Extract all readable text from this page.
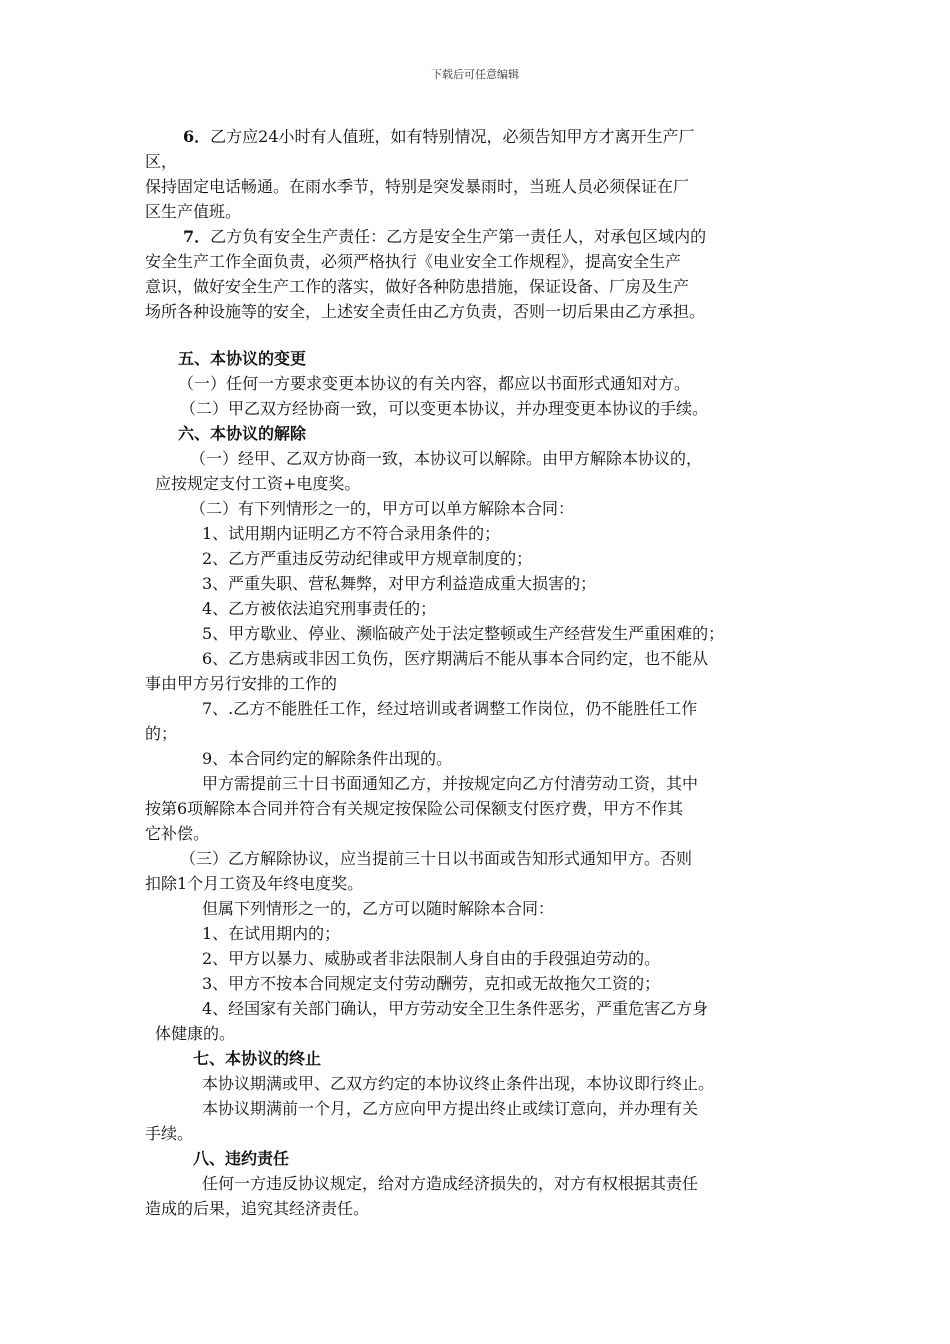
下载后可任意编辑
6．乙方应24小时有人值班，如有特别情况，必须告知甲方才离开生产厂
区，
保持固定电话畅通。在雨水季节，特别是突发暴雨时，当班人员必须保证在厂
区生产值班。
7．乙方负有安全生产责任：乙方是安全生产第一责任人，对承包区域内的
安全生产工作全面负责，必须严格执行《电业安全工作规程》，提高安全生产
意识，做好安全生产工作的落实，做好各种防患措施，保证设备、厂房及生产
场所各种设施等的安全，上述安全责任由乙方负责，否则一切后果由乙方承担。
五、本协议的变更
（一）任何一方要求变更本协议的有关内容，都应以书面形式通知对方。
（二）甲乙双方经协商一致，可以变更本协议，并办理变更本协议的手续。
六、本协议的解除
（一）经甲、乙双方协商一致，本协议可以解除。由甲方解除本协议的，
应按规定支付工资+电度奖。
（二）有下列情形之一的，甲方可以单方解除本合同：
1、试用期内证明乙方不符合录用条件的；
2、乙方严重违反劳动纪律或甲方规章制度的；
3、严重失职、营私舞弊，对甲方利益造成重大损害的；
4、乙方被依法追究刑事责任的；
5、甲方歇业、停业、濒临破产处于法定整顿或生产经营发生严重困难的；
6、乙方患病或非因工负伤，医疗期满后不能从事本合同约定，也不能从
事由甲方另行安排的工作的
7、.乙方不能胜任工作，经过培训或者调整工作岗位，仍不能胜任工作
的；
9、本合同约定的解除条件出现的。
甲方需提前三十日书面通知乙方，并按规定向乙方付清劳动工资，其中
按第6项解除本合同并符合有关规定按保险公司保额支付医疗费，甲方不作其
它补偿。
（三）乙方解除协议，应当提前三十日以书面或告知形式通知甲方。否则
扣除1个月工资及年终电度奖。
但属下列情形之一的，乙方可以随时解除本合同：
1、在试用期内的；
2、甲方以暴力、威胁或者非法限制人身自由的手段强迫劳动的。
3、甲方不按本合同规定支付劳动酬劳，克扣或无故拖欠工资的；
4、经国家有关部门确认，甲方劳动安全卫生条件恶劣，严重危害乙方身
体健康的。
七、本协议的终止
本协议期满或甲、乙双方约定的本协议终止条件出现，本协议即行终止。
本协议期满前一个月，乙方应向甲方提出终止或续订意向，并办理有关
手续。
八、违约责任
任何一方违反协议规定，给对方造成经济损失的，对方有权根据其责任
造成的后果，追究其经济责任。
